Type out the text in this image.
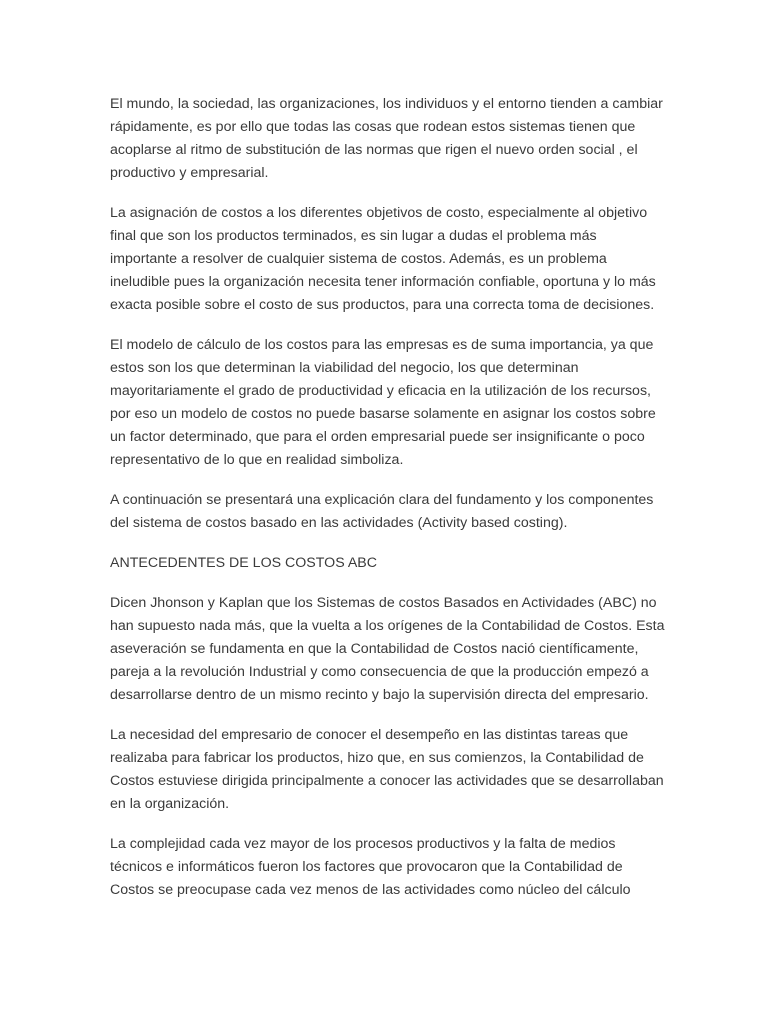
El mundo, la sociedad, las organizaciones, los individuos y el entorno tienden a cambiar rápidamente, es por ello que todas las cosas que rodean estos sistemas tienen que acoplarse al ritmo de substitución de las normas que rigen el nuevo orden social , el productivo y empresarial.

La asignación de costos a los diferentes objetivos de costo, especialmente al objetivo final que son los productos terminados, es sin lugar a dudas el problema más importante a resolver de cualquier sistema de costos. Además, es un problema ineludible pues la organización necesita tener información confiable, oportuna y lo más exacta posible sobre el costo de sus productos, para una correcta toma de decisiones.

El modelo de cálculo de los costos para las empresas es de suma importancia, ya que estos son los que determinan la viabilidad del negocio, los que determinan mayoritariamente el grado de productividad y eficacia en la utilización de los recursos, por eso un modelo de costos no puede basarse solamente en asignar los costos sobre un factor determinado, que para el orden empresarial puede ser insignificante o poco representativo de lo que en realidad simboliza.

A continuación se presentará una explicación clara del fundamento y los componentes del sistema de costos basado en las actividades (Activity based costing).

ANTECEDENTES DE LOS COSTOS ABC

Dicen Jhonson y Kaplan que los Sistemas de costos Basados en Actividades (ABC) no han supuesto nada más, que la vuelta a los orígenes de la Contabilidad de Costos. Esta aseveración se fundamenta en que la Contabilidad de Costos nació científicamente, pareja a la revolución Industrial y como consecuencia de que la producción empezó a desarrollarse dentro de un mismo recinto y bajo la supervisión directa del empresario.

La necesidad del empresario de conocer el desempeño en las distintas tareas que realizaba para fabricar los productos, hizo que, en sus comienzos, la Contabilidad de Costos estuviese dirigida principalmente a conocer las actividades que se desarrollaban en la organización.

La complejidad cada vez mayor de los procesos productivos y la falta de medios técnicos e informáticos fueron los factores que provocaron que la Contabilidad de Costos se preocupase cada vez menos de las actividades como núcleo del cálculo
